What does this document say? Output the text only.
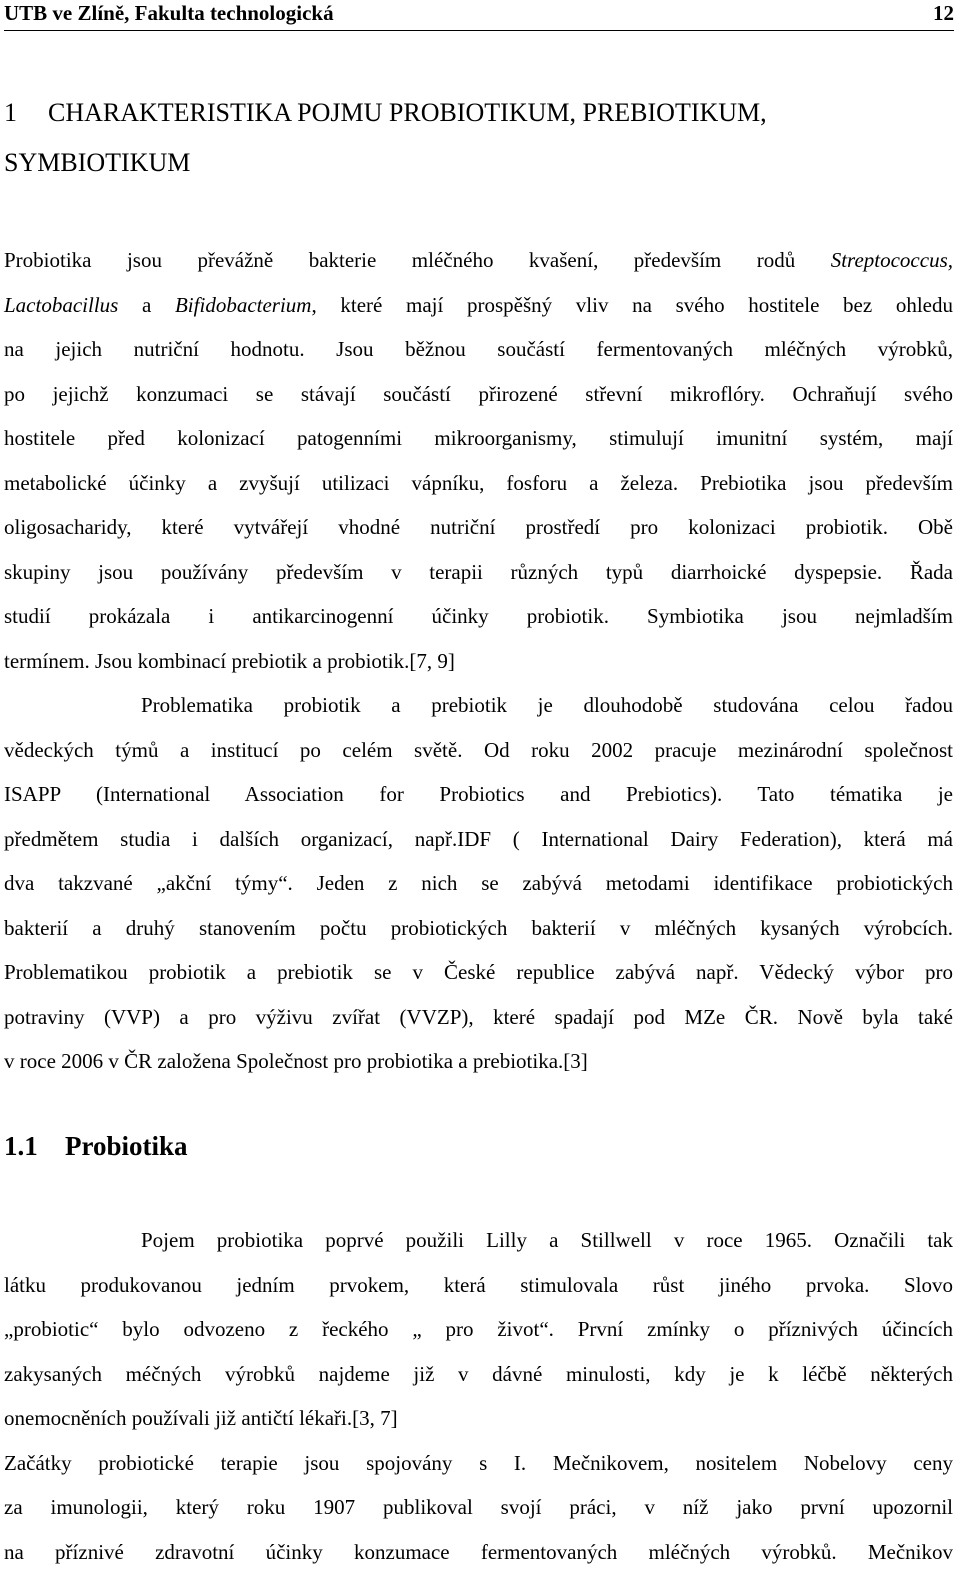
UTB ve Zlíně, Fakulta technologická	12
1 CHARAKTERISTIKA POJMU PROBIOTIKUM, PREBIOTIKUM,
SYMBIOTIKUM

Probiotika jsou převážně bakterie mléčného kvašení, především rodů Streptococcus,
Lactobacillus a Bifidobacterium, které mají prospěšný vliv na svého hostitele bez ohledu
na jejich nutriční hodnotu. Jsou běžnou součástí fermentovaných mléčných výrobků,
po jejichž konzumaci se stávají součástí přirozené střevní mikroflóry. Ochraňují svého
hostitele před kolonizací patogenními mikroorganismy, stimulují imunitní systém, mají
metabolické účinky a zvyšují utilizaci vápníku, fosforu a železa. Prebiotika jsou především
oligosacharidy, které vytvářejí vhodné nutriční prostředí pro kolonizaci probiotik. Obě
skupiny jsou používány především v terapii různých typů diarrhoické dyspepsie. Řada
studií prokázala i antikarcinogenní účinky probiotik. Symbiotika jsou nejmladším
termínem. Jsou kombinací prebiotik a probiotik.[7, 9]

Problematika probiotik a prebiotik je dlouhodobě studována celou řadou
vědeckých týmů a institucí po celém světě. Od roku 2002 pracuje mezinárodní společnost
ISAPP (International Association for Probiotics and Prebiotics). Tato tématika je
předmětem studia i dalších organizací, např.IDF ( International Dairy Federation), která má
dva takzvané „akční týmy“. Jeden z nich se zabývá metodami identifikace probiotických
bakterií a druhý stanovením počtu probiotických bakterií v mléčných kysaných výrobcích.
Problematikou probiotik a prebiotik se v České republice zabývá např. Vědecký výbor pro
potraviny (VVP) a pro výživu zvířat (VVZP), které spadají pod MZe ČR. Nově byla také
v roce 2006 v ČR založena Společnost pro probiotika a prebiotika.[3]

1.1 Probiotika

Pojem probiotika poprvé použili Lilly a Stillwell v roce 1965. Označili tak
látku produkovanou jedním prvokem, která stimulovala růst jiného prvoka. Slovo
„probiotic“ bylo odvozeno z řeckého „ pro život“. První zmínky o příznivých účincích
zakysaných méčných výrobků najdeme již v dávné minulosti, kdy je k léčbě některých
onemocněních používali již antičtí lékaři.[3, 7]

Začátky probiotické terapie jsou spojovány s I. Mečnikovem, nositelem Nobelovy ceny
za imunologii, který roku 1907 publikoval svojí práci, v níž jako první upozornil
na příznivé zdravotní účinky konzumace fermentovaných mléčných výrobků. Mečnikov
